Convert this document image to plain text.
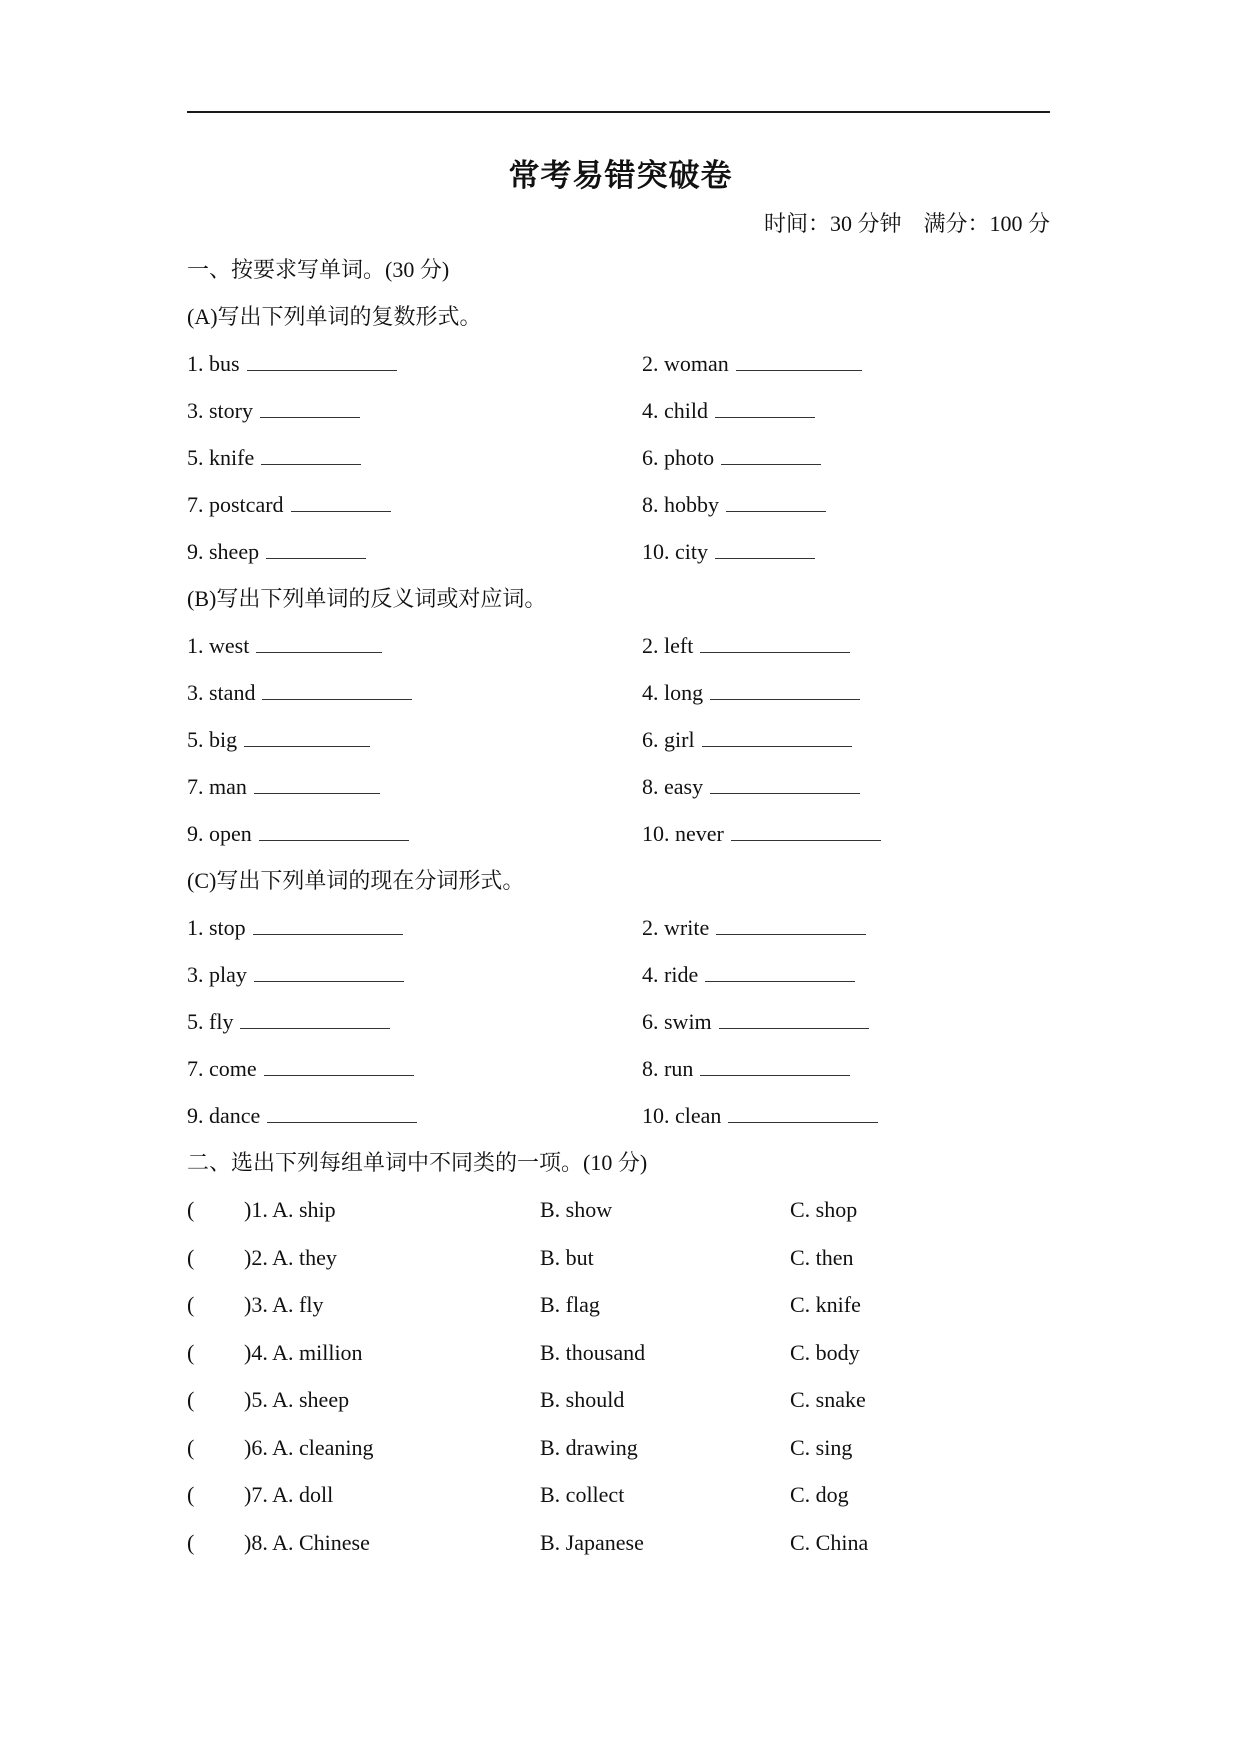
常考易错突破卷
时间：30 分钟　满分：100 分
一、按要求写单词。(30 分)
(A)写出下列单词的复数形式。
(B)写出下列单词的反义词或对应词。
(C)写出下列单词的现在分词形式。
二、选出下列每组单词中不同类的一项。(10 分)
1. bus	2. woman
3. story	4. child
5. knife	6. photo
7. postcard	8. hobby
9. sheep	10. city
1. west	2. left
3. stand	4. long
5. big	6. girl
7. man	8. easy
9. open	10. never
1. stop	2. write
3. play	4. ride
5. fly	6. swim
7. come	8. run
9. dance	10. clean
( )1. A. ship	B. show	C. shop
( )2. A. they	B. but	C. then
( )3. A. fly	B. flag	C. knife
( )4. A. million	B. thousand	C. body
( )5. A. sheep	B. should	C. snake
( )6. A. cleaning	B. drawing	C. sing
( )7. A. doll	B. collect	C. dog
( )8. A. Chinese	B. Japanese	C. China
